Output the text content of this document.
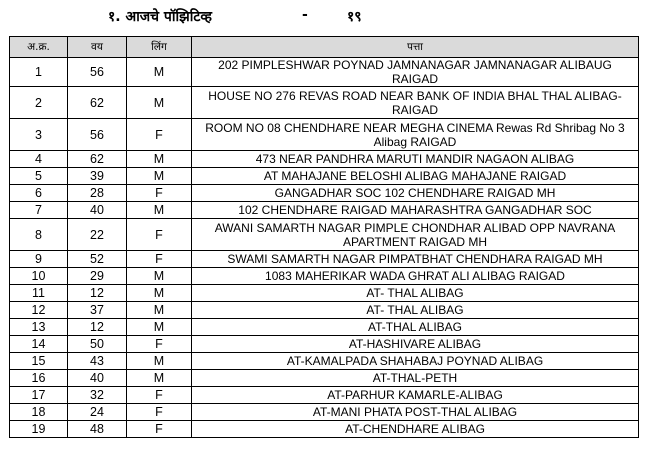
१. आजचे पॉझिटिव्ह	-	१९
अ.क्र.	वय	लिंग	पत्ता
1	56	M	202 PIMPLESHWAR POYNAD JAMNANAGAR JAMNANAGAR ALIBAUG RAIGAD
2	62	M	HOUSE NO 276 REVAS ROAD NEAR BANK OF INDIA BHAL THAL ALIBAG-RAIGAD
3	56	F	ROOM NO 08 CHENDHARE NEAR MEGHA CINEMA Rewas Rd Shribag No 3 Alibag RAIGAD
4	62	M	473 NEAR PANDHRA MARUTI MANDIR NAGAON ALIBAG
5	39	M	AT MAHAJANE BELOSHI ALIBAG MAHAJANE RAIGAD
6	28	F	GANGADHAR SOC 102 CHENDHARE RAIGAD MH
7	40	M	102 CHENDHARE RAIGAD MAHARASHTRA GANGADHAR SOC
8	22	F	AWANI SAMARTH NAGAR PIMPLE CHONDHAR ALIBAD OPP NAVRANA APARTMENT RAIGAD MH
9	52	F	SWAMI SAMARTH NAGAR PIMPATBHAT CHENDHARA RAIGAD MH
10	29	M	1083 MAHERIKAR WADA GHRAT ALI ALIBAG RAIGAD
11	12	M	AT- THAL ALIBAG
12	37	M	AT- THAL ALIBAG
13	12	M	AT-THAL ALIBAG
14	50	F	AT-HASHIVARE ALIBAG
15	43	M	AT-KAMALPADA SHAHABAJ POYNAD ALIBAG
16	40	M	AT-THAL-PETH
17	32	F	AT-PARHUR KAMARLE-ALIBAG
18	24	F	AT-MANI PHATA POST-THAL ALIBAG
19	48	F	AT-CHENDHARE ALIBAG
